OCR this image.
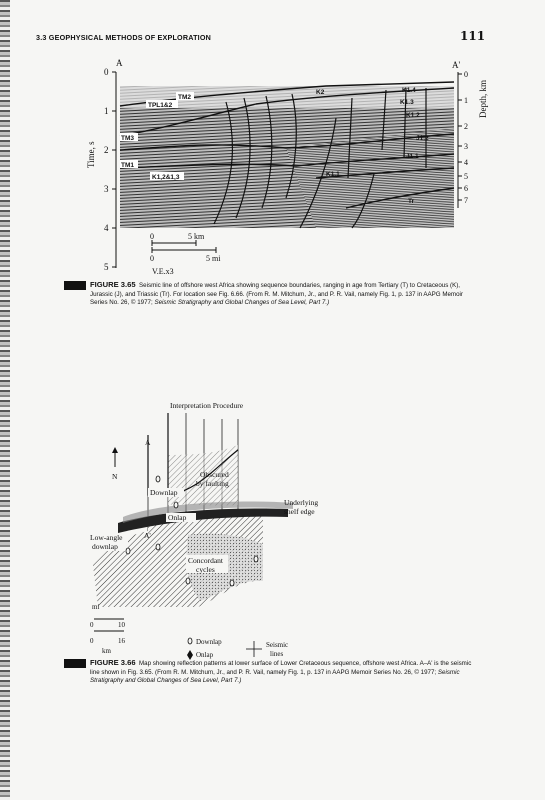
3.3 GEOPHYSICAL METHODS OF EXPLORATION	111
0
1
2
3
4
5
Time, s
A	A'
0
1
2
3
4
5
6
7
Depth, km
TM2
TPL1&2
TM3
TM1
K1,2&1,3
K2	K1.4
K1.3
K1.2
J1.2
J1.1
K1.1
Tr
0	5 km
0	5 mi
V.E.x3
FIGURE 3.65 Seismic line of offshore west Africa showing sequence boundaries, ranging in age from Tertiary (T) to Cretaceous (K), Jurassic (J), and Triassic (Tr). For location see Fig. 6.66. (From R. M. Mitchum, Jr., and P. R. Vail, namely Fig. 1, p. 137 in AAPG Memoir Series No. 26, © 1977; Seismic Stratigraphy and Global Changes of Sea Level, Part 7.)
Interpretation Procedure
A
N	Obscured
by faulting
Downlap
Onlap
Underlying
shelf edge
Low-angle
downlap
A'
Concordant
cycles
mi
0	10
0	16
km
Downlap
Onlap
Seismic
lines
FIGURE 3.66 Map showing reflection patterns at lower surface of Lower Cretaceous sequence, offshore west Africa. A–A' is the seismic line shown in Fig. 3.65. (From R. M. Mitchum, Jr., and P. R. Vail, namely Fig. 1, p. 137 in AAPG Memoir Series No. 26, © 1977; Seismic Stratigraphy and Global Changes of Sea Level, Part 7.)
